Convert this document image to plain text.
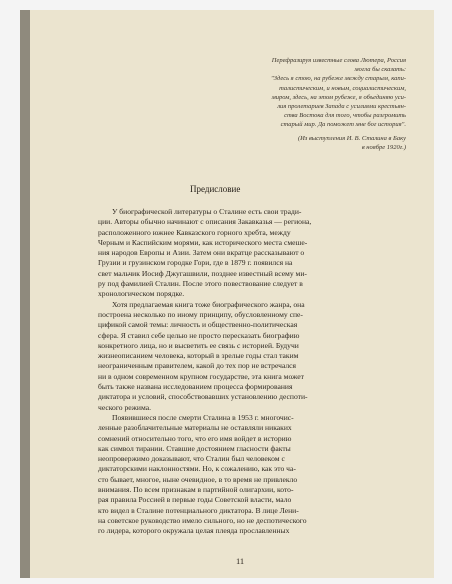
Перефразируя известные слова Лютера, Россия
могла бы сказать:
"Здесь я стою, на рубеже между старым, капи-
талистическим, и новым, социалистическим,
миром, здесь, на этом рубеже, я объединяю уси-
лия пролетариев Запада с усилиями крестьян-
ства Востока для того, чтобы разгромить
старый мир. Да поможет мне бог история".
(Из выступления И. В. Сталина в Баку
в ноябре 1920г.)
Предисловие
У биографической литературы о Сталине есть свои тради-
ции. Авторы обычно начинают с описания Закавказья — региона,
расположенного южнее Кавказского горного хребта, между
Черным и Каспийским морями, как исторического места смеше-
ния народов Европы и Азии. Затем они вкратце рассказывают о
Грузии и грузинском городке Гори, где в 1879 г. появился на
свет мальчик Иосиф Джугашвили, позднее известный всему ми-
ру под фамилией Сталин. После этого повествование следует в
хронологическом порядке.
Хотя предлагаемая книга тоже биографического жанра, она
построена несколько по иному принципу, обусловленному спе-
цификой самой темы: личность и общественно-политическая
сфера. Я ставил себе целью не просто пересказать биографию
конкретного лица, но и высветить ее связь с историей. Будучи
жизнеописанием человека, который в зрелые годы стал таким
неограниченным правителем, какой до тех пор не встречался
ни в одном современном крупном государстве, эта книга может
быть также названа исследованием процесса формирования
диктатора и условий, способствовавших установлению деспоти-
ческого режима.
Появившиеся после смерти Сталина в 1953 г. многочис-
ленные разоблачительные материалы не оставляли никаких
сомнений относительно того, что его имя войдет в историю
как символ тирании. Ставшие достоянием гласности факты
неопровержимо доказывают, что Сталин был человеком с
диктаторскими наклонностями. Но, к сожалению, как это ча-
сто бывает, многое, ныне очевидное, в то время не привлекло
внимания. По всем признакам в партийной олигархии, кото-
рая правила Россией в первые годы Советской власти, мало
кто видел в Сталине потенциального диктатора. В лице Лени-
на советское руководство имело сильного, но не деспотического
го лидера, которого окружала целая плеяда прославленных
11
